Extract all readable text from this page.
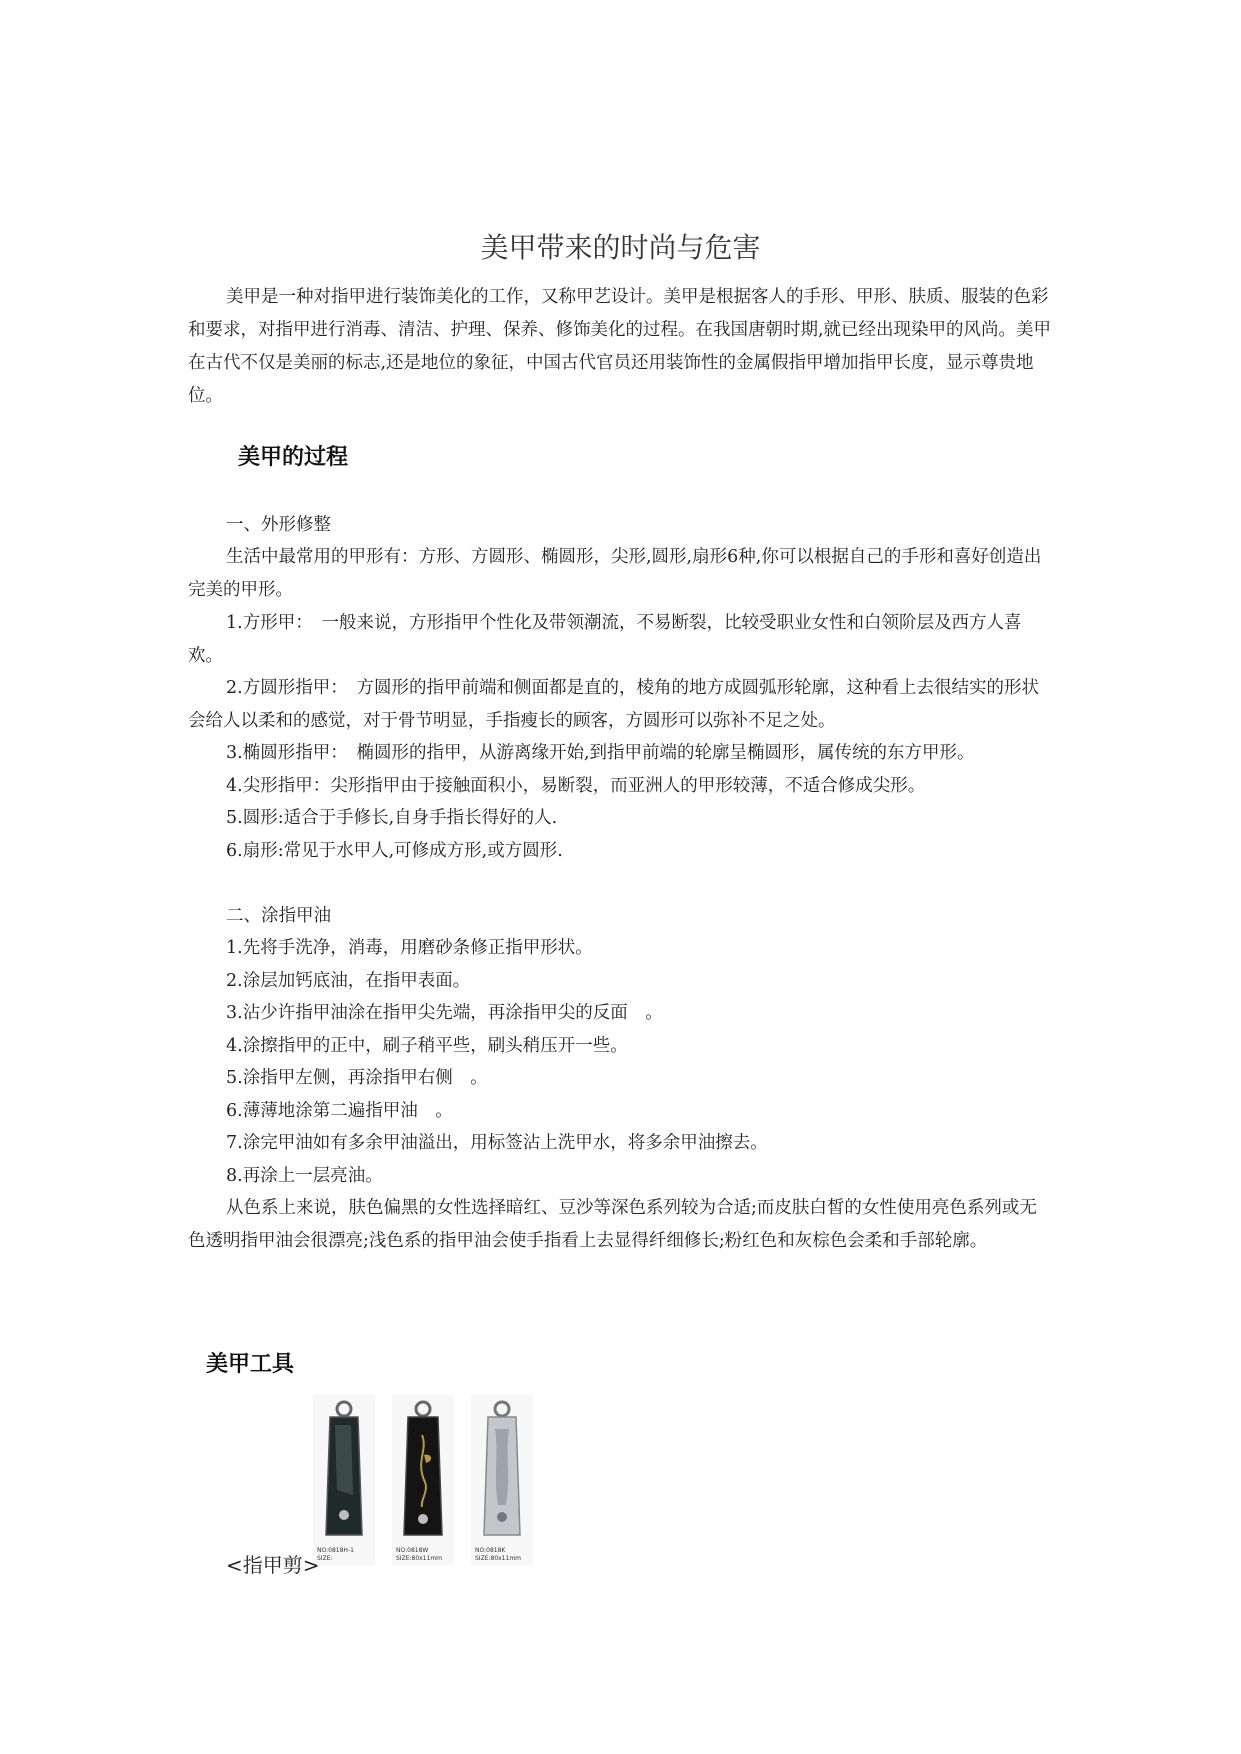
美甲带来的时尚与危害

美甲是一种对指甲进行装饰美化的工作，又称甲艺设计。美甲是根据客人的手形、甲形、肤质、服装的色彩和要求，对指甲进行消毒、清洁、护理、保养、修饰美化的过程。在我国唐朝时期,就已经出现染甲的风尚。美甲在古代不仅是美丽的标志,还是地位的象征，中国古代官员还用装饰性的金属假指甲增加指甲长度，显示尊贵地位。

美甲的过程
一、外形修整

生活中最常用的甲形有：方形、方圆形、椭圆形，尖形,圆形,扇形6种,你可以根据自己的手形和喜好创造出完美的甲形。

1.方形甲：　一般来说，方形指甲个性化及带领潮流，不易断裂，比较受职业女性和白领阶层及西方人喜欢。

2.方圆形指甲：　方圆形的指甲前端和侧面都是直的，棱角的地方成圆弧形轮廓，这种看上去很结实的形状会给人以柔和的感觉，对于骨节明显，手指瘦长的顾客，方圆形可以弥补不足之处。

3.椭圆形指甲：　椭圆形的指甲，从游离缘开始,到指甲前端的轮廓呈椭圆形，属传统的东方甲形。

4.尖形指甲：尖形指甲由于接触面积小，易断裂，而亚洲人的甲形较薄，不适合修成尖形。

5.圆形:适合于手修长,自身手指长得好的人.

6.扇形:常见于水甲人,可修成方形,或方圆形.

二、涂指甲油

1.先将手洗净，消毒，用磨砂条修正指甲形状。

2.涂层加钙底油，在指甲表面。

3.沾少许指甲油涂在指甲尖先端，再涂指甲尖的反面　。

4.涂擦指甲的正中，刷子稍平些，刷头稍压开一些。

5.涂指甲左侧，再涂指甲右侧　。

6.薄薄地涂第二遍指甲油　。

7.涂完甲油如有多余甲油溢出，用标签沾上洗甲水，将多余甲油擦去。

8.再涂上一层亮油。

从色系上来说，肤色偏黑的女性选择暗红、豆沙等深色系列较为合适;而皮肤白皙的女性使用亮色系列或无色透明指甲油会很漂亮;浅色系的指甲油会使手指看上去显得纤细修长;粉红色和灰棕色会柔和手部轮廓。

美甲工具
NO:0818H-1
SIZE:
NO:0818W
SIZE:80x11mm
NO:0818K
SIZE:80x11mm
<指甲剪>
